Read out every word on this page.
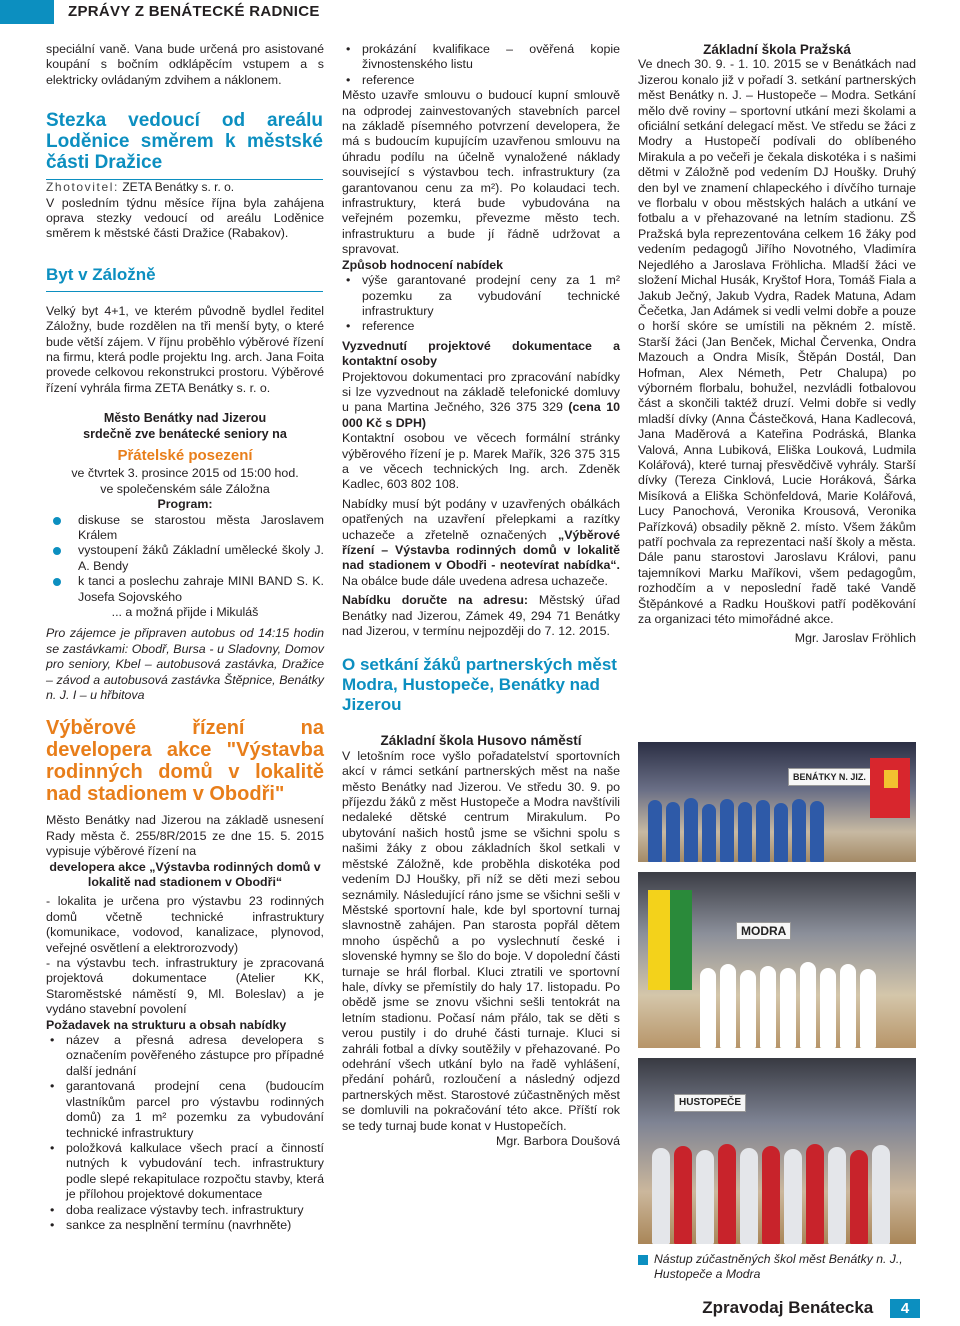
ZPRÁVY Z BENÁTECKÉ RADNICE

speciální vaně. Vana bude určená pro asistované koupání s bočním odklápěcím vstupem a s elektricky ovládaným zdvihem a náklonem.

Stezka vedoucí od areálu Loděnice směrem k městské části Dražice

Zhotovitel: ZETA Benátky s. r. o.

V posledním týdnu měsíce října byla zahájena oprava stezky vedoucí od areálu Loděnice směrem k městské části Dražice (Rabakov).

Byt v Záložně

Velký byt 4+1, ve kterém původně bydlel ředitel Záložny, bude rozdělen na tři menší byty, o které bude větší zájem. V říjnu proběhlo výběrové řízení na firmu, která podle projektu Ing. arch. Jana Foita provede celkovou rekonstrukci prostoru. Výběrové řízení vyhrála firma ZETA Benátky s. r. o.

Město Benátky nad Jizerou
srdečně zve benátecké seniory na
Přátelské posezení

ve čtvrtek 3. prosince 2015 od 15:00 hod.

ve společenském sále Záložna

Program:

diskuse se starostou města Jaroslavem Králem
vystoupení žáků Základní umělecké školy J. A. Bendy
k tanci a poslechu zahraje MINI BAND S. K. Josefa Sojovského

... a možná přijde i Mikuláš

Pro zájemce je připraven autobus od 14:15 hodin se zastávkami: Obodř, Bursa - u Sladovny, Domov pro seniory, Kbel – autobusová zastávka, Dražice – závod a autobusová zastávka Štěpnice, Benátky n. J. I – u hřbitova

Výběrové řízení na developera akce "Výstavba rodinných domů v lokalitě nad stadionem v Obodři"

Město Benátky nad Jizerou na základě usnesení Rady města č. 255/8R/2015 ze dne 15. 5. 2015 vypisuje výběrové řízení na

developera akce „Výstavba rodinných domů v lokalitě nad stadionem v Obodři“

- lokalita je určena pro výstavbu 23 rodinných domů včetně technické infrastruktury (komunikace, vodovod, kanalizace, plynovod, veřejné osvětlení a elektrorozvody)

- na výstavbu tech. infrastruktury je zpracovaná projektová dokumentace (Atelier KK, Staroměstské náměstí 9, Ml. Boleslav) a je vydáno stavební povolení

Požadavek na strukturu a obsah nabídky

• název a přesná adresa developera s označením pověřeného zástupce pro případné další jednání
• garantovaná prodejní cena (budoucím vlastníkům parcel pro výstavbu rodinných domů) za 1 m² pozemku za vybudování technické infrastruktury
• položková kalkulace všech prací a činností nutných k vybudování tech. infrastruktury podle slepé rekapitulace rozpočtu stavby, která je přílohou projektové dokumentace
• doba realizace výstavby tech. infrastruktury
• sankce za nesplnění termínu (navrhněte)
• prokázání kvalifikace – ověřená kopie živnostenského listu
• reference

Město uzavře smlouvu o budoucí kupní smlouvě na odprodej zainvestovaných stavebních parcel na základě písemného potvrzení developera, že má s budoucím kupujícím uzavřenou smlouvu na úhradu podílu na účelně vynaložené náklady související s výstavbou tech. infrastruktury (za garantovanou cenu za m²). Po kolaudaci tech. infrastruktury, která bude vybudována na veřejném pozemku, převezme město tech. infrastrukturu a bude jí řádně udržovat a spravovat.

Způsob hodnocení nabídek

• výše garantované prodejní ceny za 1 m² pozemku za vybudování technické infrastruktury
• reference

Vyzvednutí projektové dokumentace a kontaktní osoby

Projektovou dokumentaci pro zpracování nabídky si lze vyzvednout na základě telefonické domluvy u pana Martina Ječného, 326 375 329 (cena 10 000 Kč s DPH)

Kontaktní osobou ve věcech formální stránky výběrového řízení je p. Marek Mařík, 326 375 315 a ve věcech technických Ing. arch. Zdeněk Kadlec, 603 802 108.

Nabídky musí být podány v uzavřených obálkách opatřených na uzavření přelepkami a razítky uchazeče a zřetelně označených „Výběrové řízení – Výstavba rodinných domů v lokalitě nad stadionem v Obodři - neotevírat nabídka“. Na obálce bude dále uvedena adresa uchazeče.

Nabídku doručte na adresu: Městský úřad Benátky nad Jizerou, Zámek 49, 294 71 Benátky nad Jizerou, v termínu nejpozději do 7. 12. 2015.

O setkání žáků partnerských měst Modra, Hustopeče, Benátky nad Jizerou
Základní škola Husovo náměstí

V letošním roce vyšlo pořadatelství sportovních akcí v rámci setkání partnerských měst na naše město Benátky nad Jizerou. Ve středu 30. 9. po příjezdu žáků z měst Hustopeče a Modra navštívili nedaleké dětské centrum Mirakulum. Po ubytování našich hostů jsme se všichni spolu s našimi žáky z obou základních škol setkali v městské Záložně, kde proběhla diskotéka pod vedením DJ Houšky, při níž se děti mezi sebou seznámily. Následující ráno jsme se všichni sešli v Městské sportovní hale, kde byl sportovní turnaj slavnostně zahájen. Pan starosta popřál dětem mnoho úspěchů a po vyslechnutí české i slovenské hymny se šlo do boje. V dopolední části turnaje se hrál florbal. Kluci ztratili ve sportovní hale, dívky se přemístily do haly 17. listopadu. Po obědě jsme se znovu všichni sešli tentokrát na letním stadionu. Počasí nám přálo, tak se děti s verou pustily i do druhé části turnaje. Kluci si zahráli fotbal a dívky soutěžily v přehazované. Po odehrání všech utkání bylo na řadě vyhlášení, předání pohárů, rozloučení a následný odjezd partnerských měst. Starostové zúčastněných měst se domluvili na pokračování této akce. Příští rok se tedy turnaj bude konat v Hustopečích.

Mgr. Barbora Doušová

Základní škola Pražská

Ve dnech 30. 9. - 1. 10. 2015 se v Benátkách nad Jizerou konalo již v pořadí 3. setkání partnerských měst Benátky n. J. – Hustopeče – Modra. Setkání mělo dvě roviny – sportovní utkání mezi školami a oficiální setkání delegací měst. Ve středu se žáci z Modry a Hustopečí podívali do oblíbeného Mirakula a po večeři je čekala diskotéka i s našimi dětmi v Záložně pod vedením DJ Houšky. Druhý den byl ve znamení chlapeckého i dívčího turnaje ve florbalu v obou městských halách a utkání ve fotbalu a v přehazované na letním stadionu. ZŠ Pražská byla reprezentována celkem 16 žáky pod vedením pedagogů Jiřího Novotného, Vladimíra Nejedlého a Jaroslava Fröhlicha. Mladší žáci ve složení Michal Husák, Kryštof Hora, Tomáš Fiala a Jakub Ječný, Jakub Vydra, Radek Matuna, Adam Čečetka, Jan Adámek si vedli velmi dobře a pouze o horší skóre se umístili na pěkném 2. místě. Starší žáci (Jan Benček, Michal Červenka, Ondra Mazouch a Ondra Misík, Štěpán Dostál, Dan Hofman, Alex Németh, Petr Chalupa) po výborném florbalu, bohužel, nezvládli fotbalovou část a skončili taktéž druzí. Velmi dobře si vedly mladší dívky (Anna Částečková, Hana Kadlecová, Jana Maděrová a Kateřina Podráská, Blanka Valová, Anna Lubiková, Eliška Louková, Ludmila Kolářová), které turnaj přesvědčivě vyhrály. Starší dívky (Tereza Cinklová, Lucie Horáková, Šárka Misíková a Eliška Schönfeldová, Marie Kolářová, Lucy Panochová, Veronika Krousová, Veronika Pařízková) obsadily pěkně 2. místo. Všem žákům patří pochvala za reprezentaci naší školy a města. Dále panu starostovi Jaroslavu Královi, panu tajemníkovi Marku Maříkovi, všem pedagogům, rozhodčím a v neposlední řadě také Vandě Štěpánkové a Radku Houškovi patří poděkování za organizaci této mimořádné akce.

Mgr. Jaroslav Fröhlich

BENÁTKY N. JIZ.
MODRA
HUSTOPEČE
Nástup zúčastněných škol měst Benátky n. J., Hustopeče a Modra
Zpravodaj Benátecka 4
